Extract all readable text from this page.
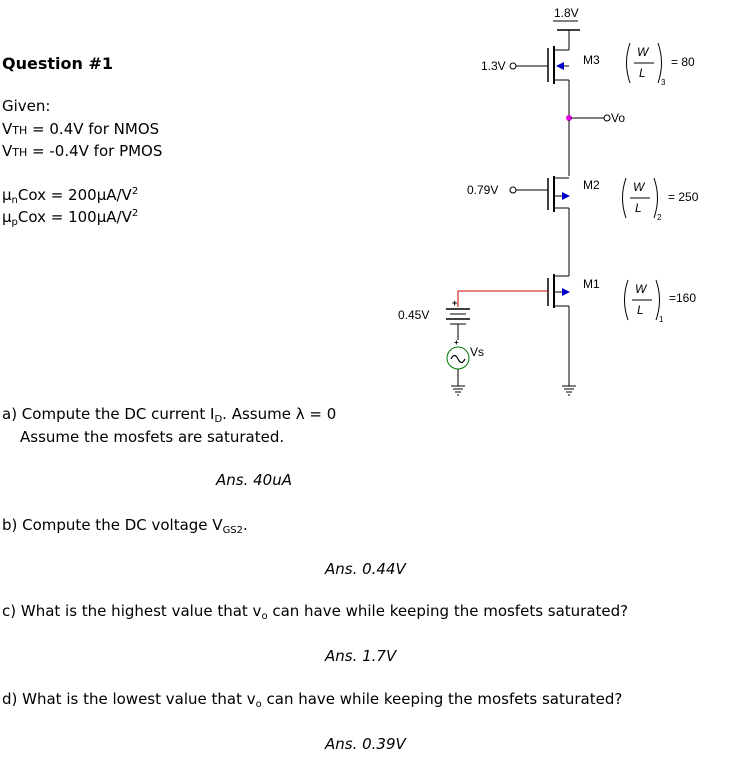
Question #1
Given:
VTH = 0.4V for NMOS
VTH = -0.4V for PMOS
$\mu_nCox = 200\mu A/V^2$
$\mu_pCox = 100\mu A/V^2$
a) Compute the DC current $I_D$. Assume λ = 0
Assume the mosfets are saturated.
Ans. 40uA
b) Compute the DC voltage $V_{GS2}$.
Ans. 0.44V
c) What is the highest value that $v_o$ can have while keeping the mosfets saturated?
Ans. 1.7V
d) What is the lowest value that $v_o$ can have while keeping the mosfets saturated?
Ans. 0.39V
1.8V
M3
1.3V
Vo
M2
0.79V
M1
+
0.45V
+
Vs
W
L
3
= 80
W
L
2
= 250
W
L
1
=160
